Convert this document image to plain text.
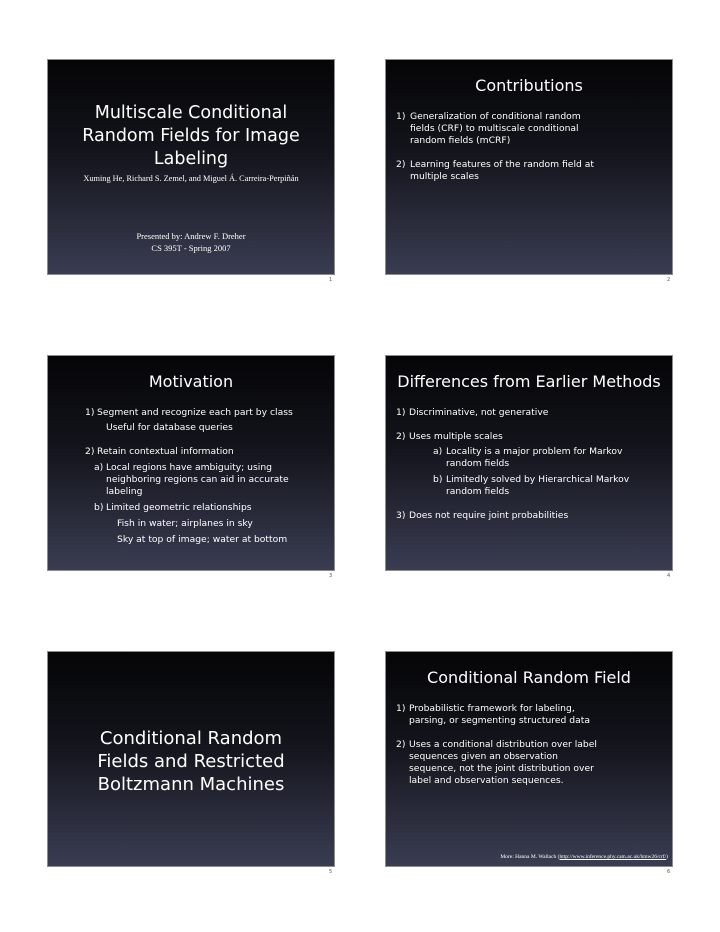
Multiscale Conditional
Random Fields for Image
Labeling
Xuming He, Richard S. Zemel, and Miguel Á. Carreira-Perpiñán
Presented by: Andrew F. Dreher
CS 395T - Spring 2007
1
Contributions
1) Generalization of conditional random
fields (CRF) to multiscale conditional
random fields (mCRF)
2) Learning features of the random field at
multiple scales
2
Motivation
1) Segment and recognize each part by class
Useful for database queries
2) Retain contextual information
a) Local regions have ambiguity; using
neighboring regions can aid in accurate
labeling
b) Limited geometric relationships
Fish in water; airplanes in sky
Sky at top of image; water at bottom
3
Differences from Earlier Methods
1) Discriminative, not generative
2) Uses multiple scales
a) Locality is a major problem for Markov
random fields
b) Limitedly solved by Hierarchical Markov
random fields
3) Does not require joint probabilities
4
Conditional Random
Fields and Restricted
Boltzmann Machines
5
Conditional Random Field
1) Probabilistic framework for labeling,
parsing, or segmenting structured data
2) Uses a conditional distribution over label
sequences given an observation
sequence, not the joint distribution over
label and observation sequences.
More: Hanna M. Wallach (http://www.inference.phy.cam.ac.uk/hmw26/crf/)
6
